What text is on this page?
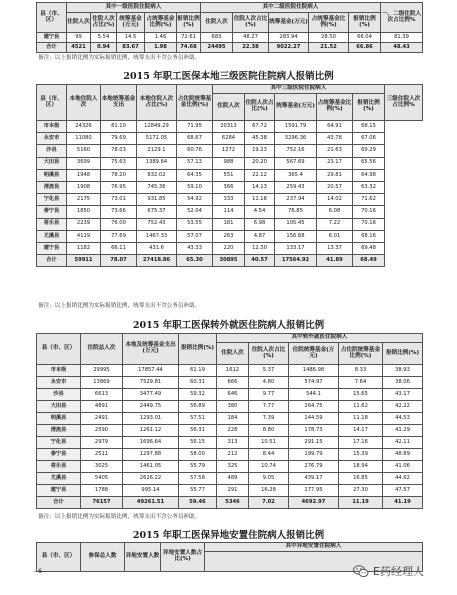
县（市、区）	其中一级医院住院病人					其中二级医院住院病人					一、二级住院人次占比例%
	住院人次	住院人次占比(%)	统筹基金(万元)	占统筹基金比例(%)	报销比例(%)	住院人次	住院人次占比(%)	统筹基金(万元)	占统筹基金比例(%)	报销比例(%)	
建宁县	99	5.54	14.5	1.46	72.61	683	48.27	283.94	28.50	66.04	81.39
合计	4521	0.94	83.67	1.98	74.68	24495	22.38	9022.27	21.52	66.86	48.43
备注：以上报销比例为实际报销比例，统筹支出不含公务员补助。
2015 年职工医保本地三级医院住院病人报销比例
县（市、区）	本地住院人次	本地统筹基金支出	本地住院人次占比(%)	占住院统筹基金比例(%)	其中三级医院住院病人					三级住院人次占比例%
					住院人次	住院人次占比(%)	统筹基金(万元)	占统筹基金比例(%)	报销比例(%)	
市本级	24326	81.10	12849.29	71.95	20313	67.72	1591.79	64.91	68.15	
永安市	11080	79.69	5171.05	68.67	6284	45.38	3296.36	43.78	67.06	
沙县	5160	78.03	2129.1	60.76	1272	19.23	752.16	21.63	69.29	
大田县	3699	75.63	1389.64	57.13	988	20.20	567.69	23.17	65.56	
明溪县	1948	78.20	832.02	64.35	551	22.12	365.4	29.81	64.98	
清流县	1908	76.95	745.36	59.10	366	14.13	259.43	20.57	63.32	
宁化县	2175	73.01	931.85	54.92	333	11.18	237.94	14.02	71.62	
泰宁县	1850	73.66	675.37	52.04	114	4.54	76.85	6.08	70.16	
将乐县	2239	76.00	752.43	53.55	181	6.98	105.45	7.22	70.16	
尤溪县	4119	77.69	1467.33	57.07	263	4.87	156.68	6.01	68.16	
建宁县	1182	66.11	431.6	43.33	220	12.30	133.17	13.37	69.48	
合计	59911	78.07	27418.86	65.30	30895	40.57	17564.92	41.89	68.49	
备注：以上报销比例为实际报销比例，统筹支出不含公务员补助。
2015 年职工医保转外就医住院病人报销比例
县（市、区）	住院总人次	本地及统筹基金支出(万元)	报销比例(%)	其中转外就医住院病人				
				住院人次	住院人次占比(%)	住院统筹基金(万元)	占住院统筹基金比例(%)	报销比例(%)
市本级	29995	17857.44	61.19	1612	5.37	1486.98	8.33	38.93
永安市	13869	7529.81	60.31	666	4.80	574.97	7.64	38.06
沙县	6613	3477.49	59.32	646	9.77	544.1	15.65	43.17
大田县	4891	2449.75	56.89	380	7.77	264.75	11.62	42.22
明溪县	2491	1293.01	57.51	184	7.39	144.59	11.18	44.53
清流县	2590	1261.12	56.31	228	8.80	178.73	14.17	41.29
宁化县	2979	1696.64	56.15	313	10.51	291.15	17.16	42.11
泰宁县	2511	1297.88	58.00	212	8.44	199.79	15.39	48.89
将乐县	3025	1461.05	55.79	325	10.74	276.79	18.94	41.06
尤溪县	5405	2626.22	57.58	489	9.05	439.17	16.85	44.62
建宁县	1788	995.14	55.77	291	16.28	177.95	27.30	47.57
合计	76157	49261.51	59.46	5346	7.02	4692.97	11.19	41.19
备注：以上报销比例为实际报销比例，统筹支出不含公务员补助。
2015 年职工医保异地安置住院病人报销比例
县（市、区）	参保总人数	异地安置人数	异地安置人数占比(%)	其中异地安置住院病人

- 6 -	E药经理人
